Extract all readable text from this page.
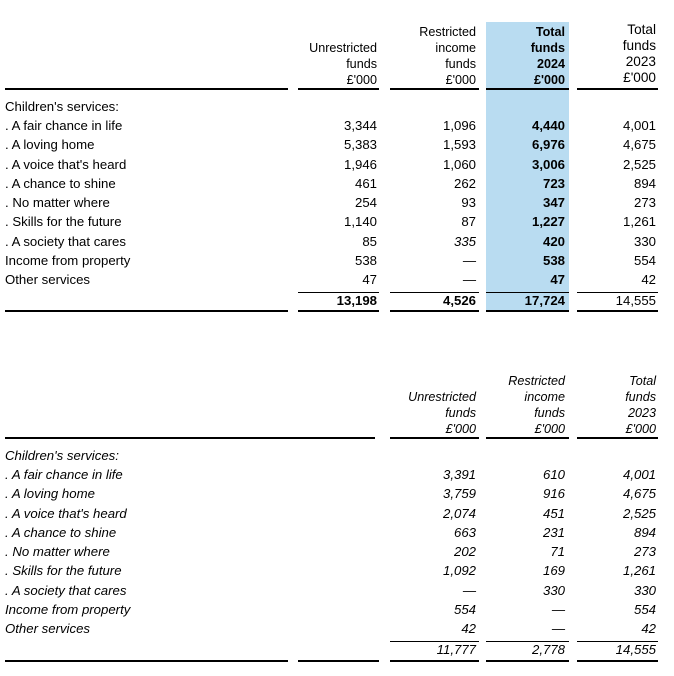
Unrestricted
funds
£'000
Restricted
income
funds
£'000
Total
funds
2024
£'000
Total
funds
2023
£'000
Children's services:
. A fair chance in life	3,344	1,096	4,440	4,001
. A loving home	5,383	1,593	6,976	4,675
. A voice that's heard	1,946	1,060	3,006	2,525
. A chance to shine	461	262	723	894
. No matter where	254	93	347	273
. Skills for the future	1,140	87	1,227	1,261
. A society that cares	85	335	420	330
Income from property	538	—	538	554
Other services	47	—	47	42
13,198	4,526	17,724	14,555
Unrestricted
funds
£'000
Restricted
income
funds
£'000
Total
funds
2023
£'000
Children's services:
. A fair chance in life	3,391	610	4,001
. A loving home	3,759	916	4,675
. A voice that's heard	2,074	451	2,525
. A chance to shine	663	231	894
. No matter where	202	71	273
. Skills for the future	1,092	169	1,261
. A society that cares	—	330	330
Income from property	554	—	554
Other services	42	—	42
11,777	2,778	14,555
